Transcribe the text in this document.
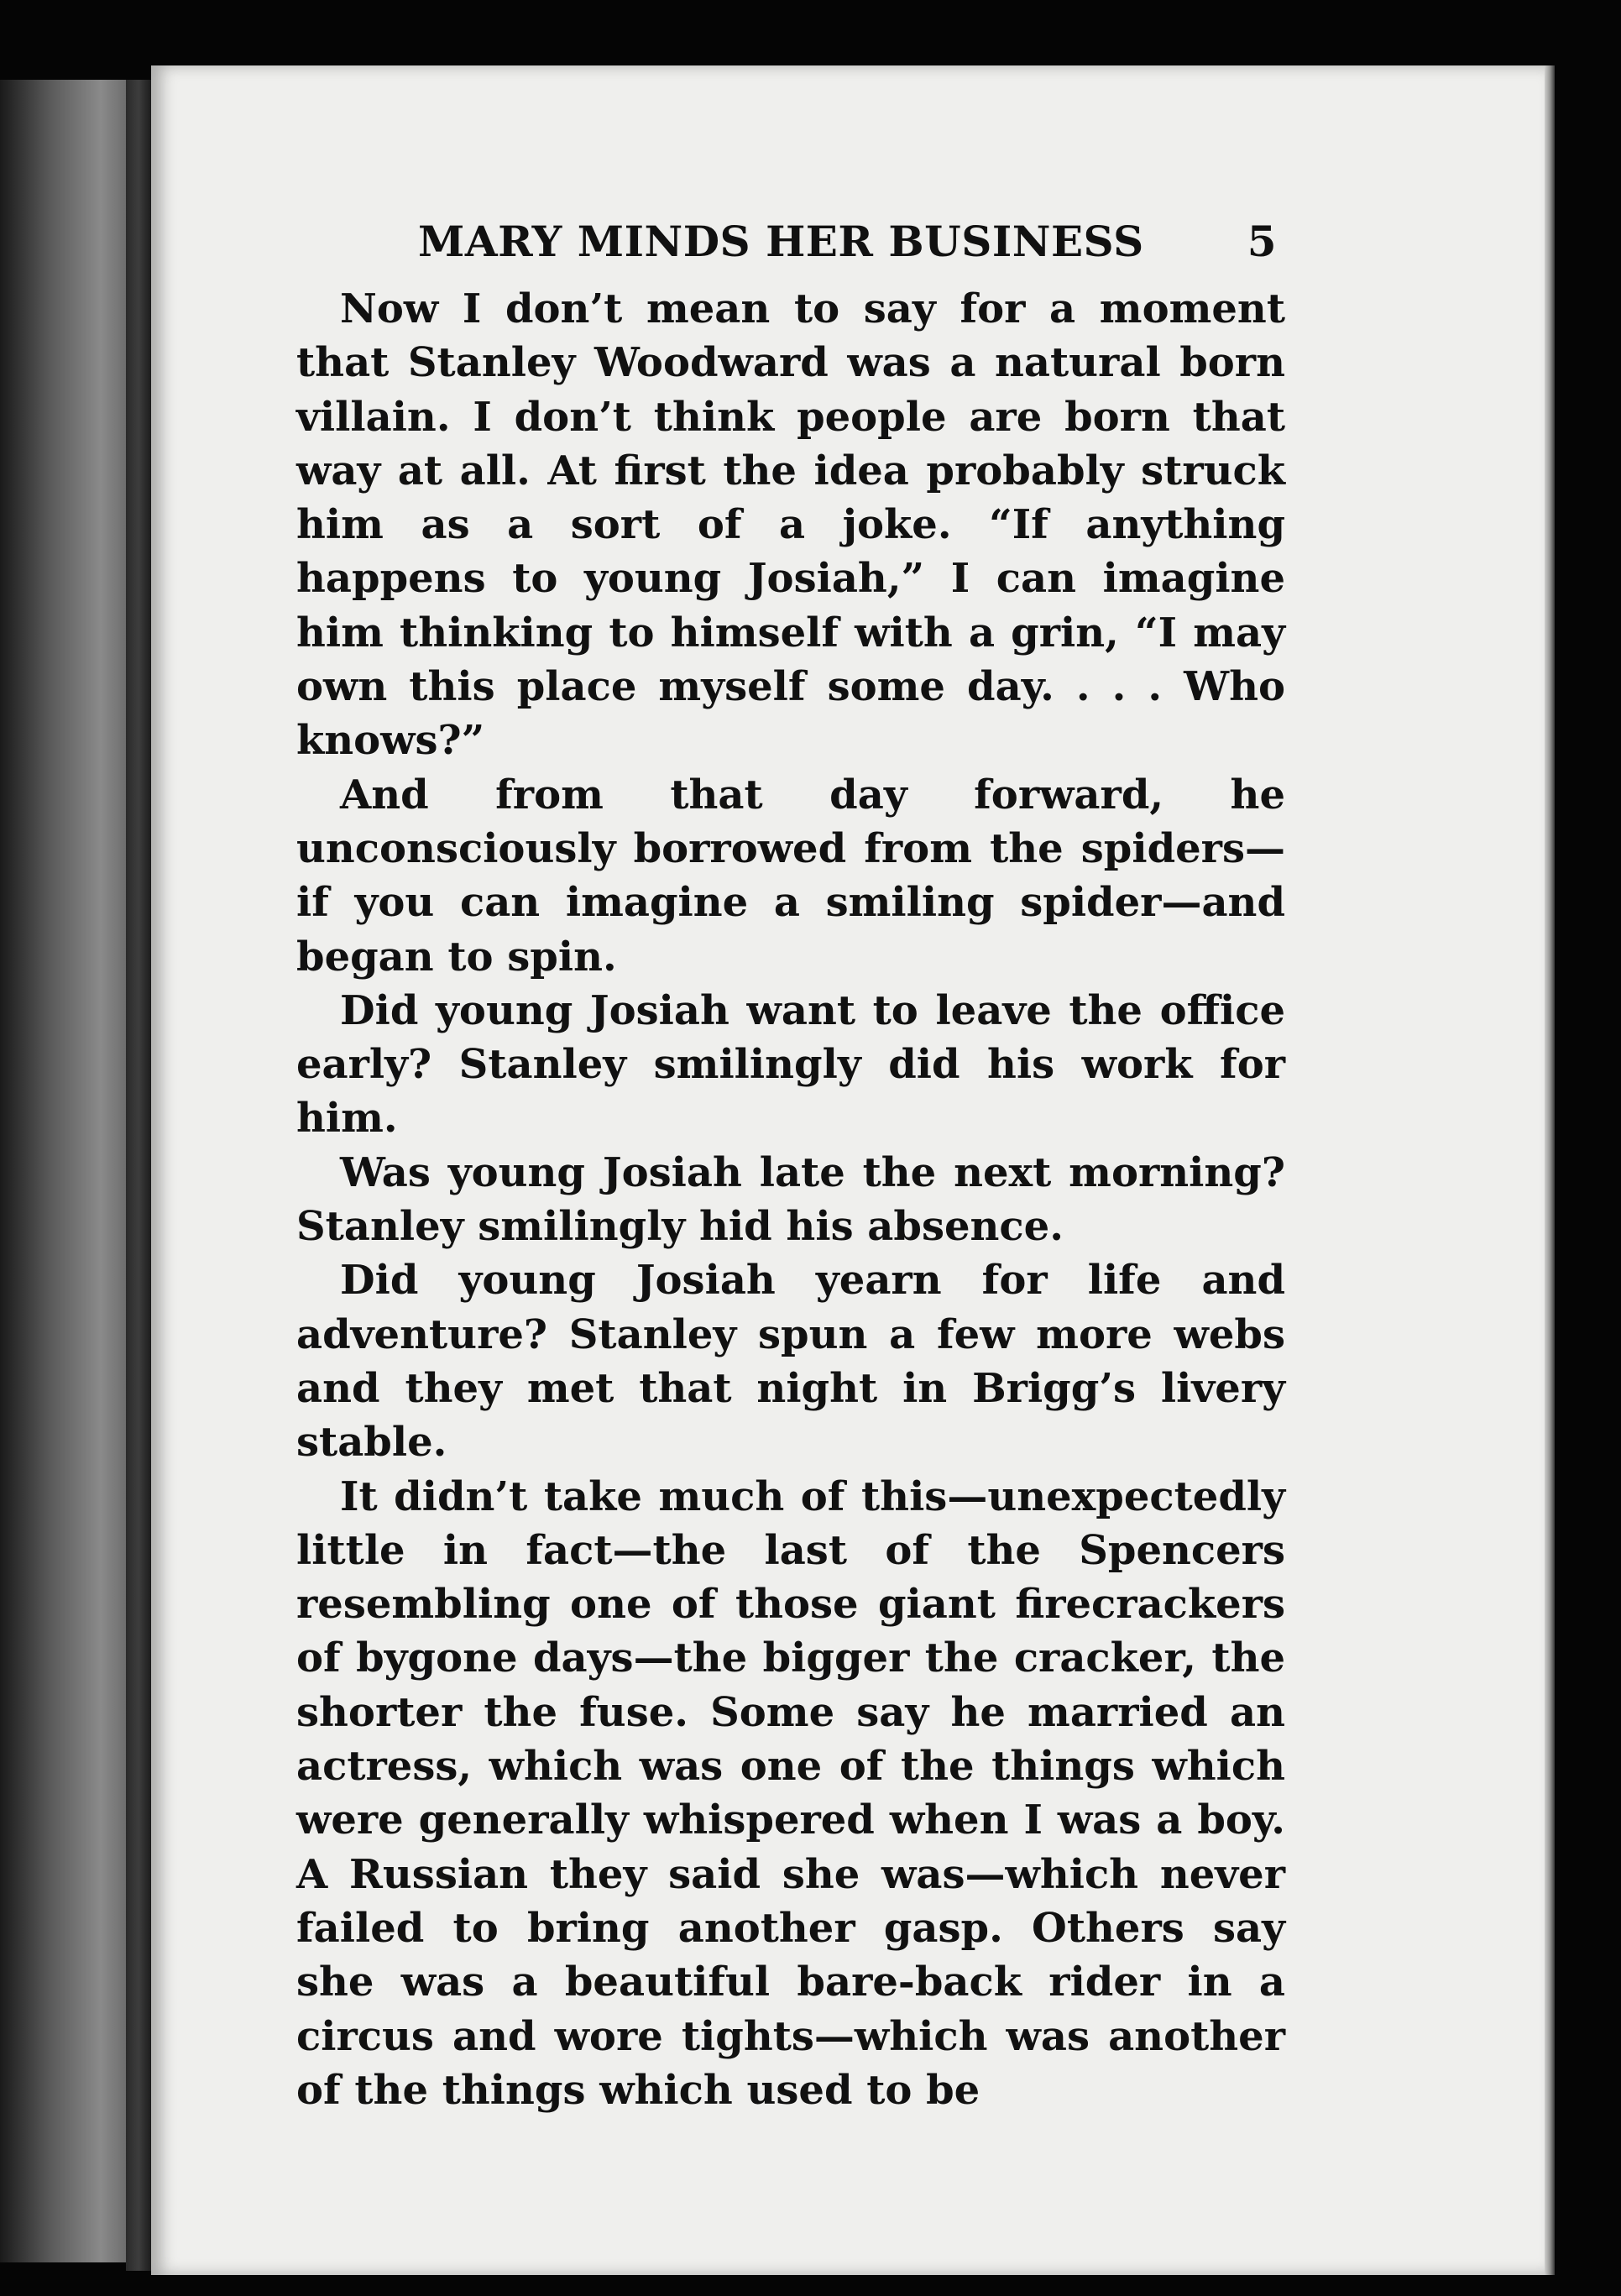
MARY MINDS HER BUSINESS 5

Now I don’t mean to say for a moment that Stanley Woodward was a natural born villain. I don’t think people are born that way at all. At first the idea probably struck him as a sort of a joke. “If anything happens to young Josiah,” I can imagine him thinking to himself with a grin, “I may own this place myself some day. . . . Who knows?”

And from that day forward, he unconsciously borrowed from the spiders—if you can imagine a smiling spider—and began to spin.

Did young Josiah want to leave the office early? Stanley smilingly did his work for him.

Was young Josiah late the next morning? Stanley smilingly hid his absence.

Did young Josiah yearn for life and adventure? Stanley spun a few more webs and they met that night in Brigg’s livery stable.

It didn’t take much of this—unexpectedly little in fact—the last of the Spencers resembling one of those giant firecrackers of bygone days—the bigger the cracker, the shorter the fuse. Some say he married an actress, which was one of the things which were generally whispered when I was a boy. A Russian they said she was—which never failed to bring another gasp. Others say she was a beautiful bare-back rider in a circus and wore tights—which was another of the things which used to be
